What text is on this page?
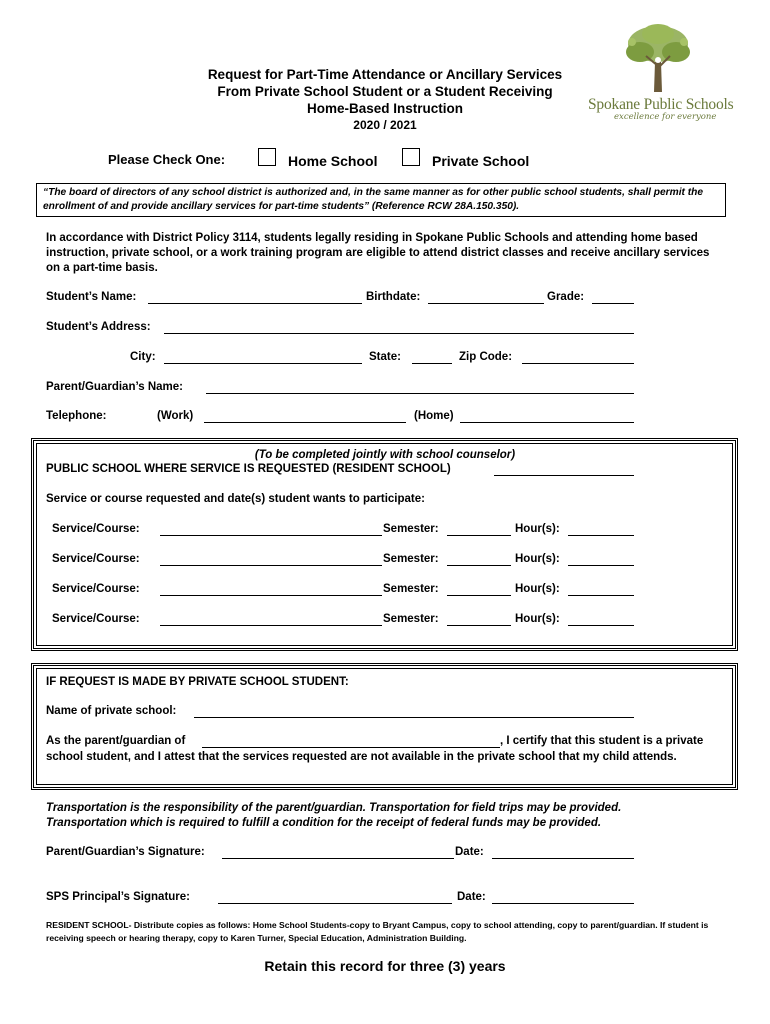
Request for Part-Time Attendance or Ancillary Services
From Private School Student or a Student Receiving
Home-Based Instruction
2020 / 2021
Spokane Public Schools
excellence for everyone
Please Check One:	Home School	Private School
“The board of directors of any school district is authorized and, in the same manner as for other public school students, shall permit the enrollment of and provide ancillary services for part-time students” (Reference RCW 28A.150.350).
In accordance with District Policy 3114, students legally residing in Spokane Public Schools and attending home based instruction, private school, or a work training program are eligible to attend district classes and receive ancillary services on a part-time basis.
Student’s Name:	Birthdate:	Grade:
Student’s Address:
City:	State:	Zip Code:
Parent/Guardian’s Name:
Telephone:	(Work)	(Home)
(To be completed jointly with school counselor)
PUBLIC SCHOOL WHERE SERVICE IS REQUESTED (RESIDENT SCHOOL)
Service or course requested and date(s) student wants to participate:
Service/Course:	Semester:	Hour(s):
Service/Course:	Semester:	Hour(s):
Service/Course:	Semester:	Hour(s):
Service/Course:	Semester:	Hour(s):
IF REQUEST IS MADE BY PRIVATE SCHOOL STUDENT:
Name of private school:
As the parent/guardian of	, I certify that this student is a private
school student, and I attest that the services requested are not available in the private school that my child attends.
Transportation is the responsibility of the parent/guardian. Transportation for field trips may be provided.
Transportation which is required to fulfill a condition for the receipt of federal funds may be provided.
Parent/Guardian’s Signature:	Date:
SPS Principal’s Signature:	Date:
RESIDENT SCHOOL- Distribute copies as follows: Home School Students-copy to Bryant Campus, copy to school attending, copy to parent/guardian. If student is receiving speech or hearing therapy, copy to Karen Turner, Special Education, Administration Building.
Retain this record for three (3) years
